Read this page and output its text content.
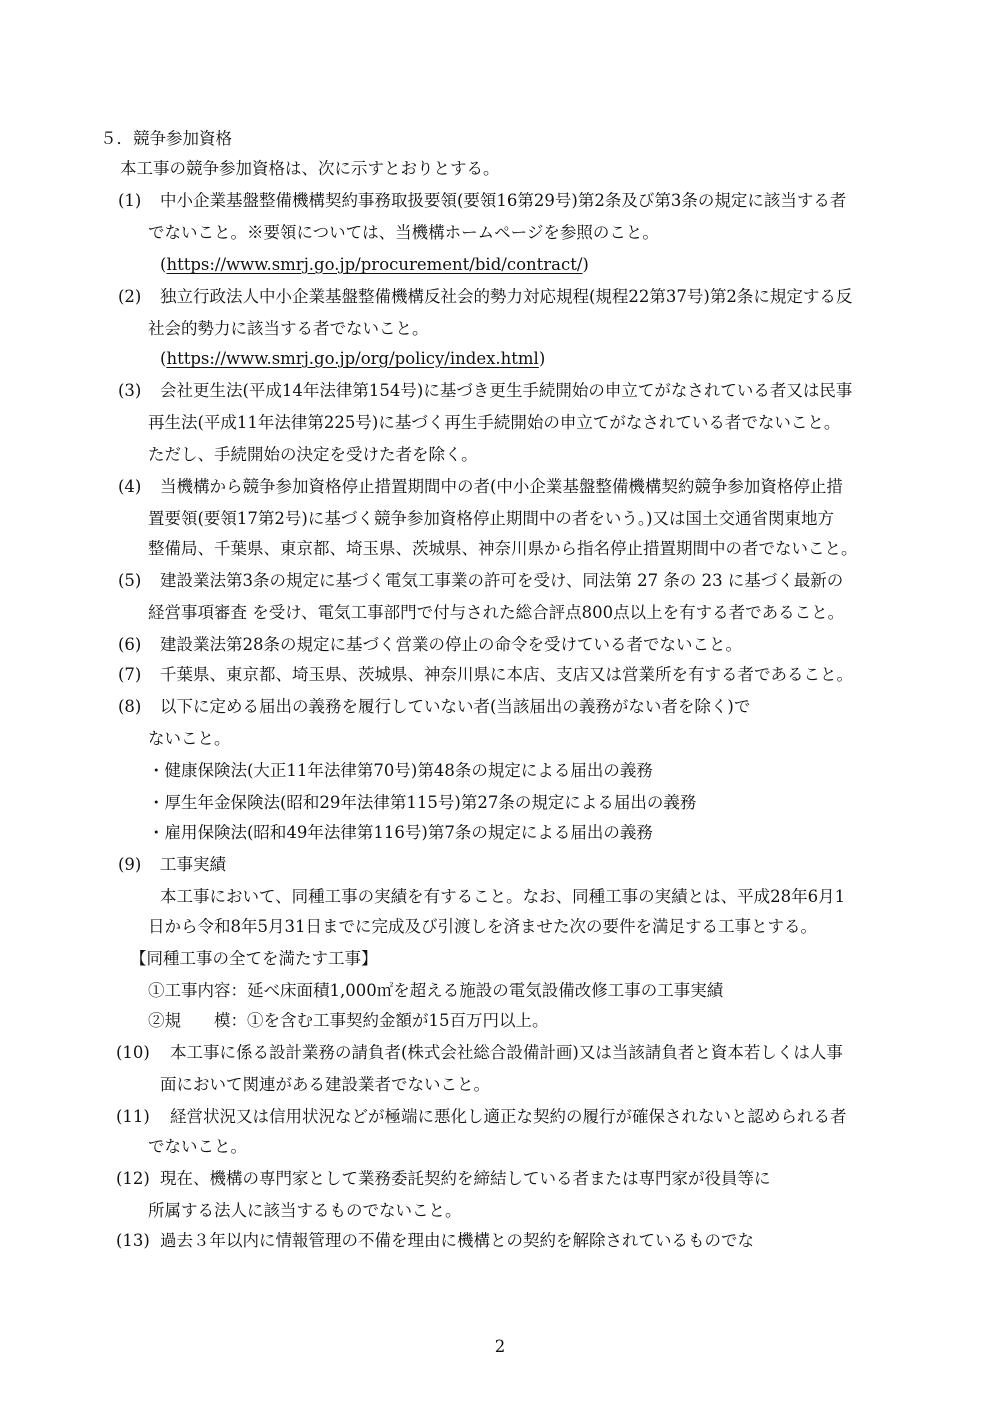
５．競争参加資格
本工事の競争参加資格は、次に示すとおりとする。
(1) 中小企業基盤整備機構契約事務取扱要領(要領16第29号)第2条及び第3条の規定に該当する者
でないこと。※要領については、当機構ホームページを参照のこと。
(https://www.smrj.go.jp/procurement/bid/contract/)
(2) 独立行政法人中小企業基盤整備機構反社会的勢力対応規程(規程22第37号)第2条に規定する反
社会的勢力に該当する者でないこと。
(https://www.smrj.go.jp/org/policy/index.html)
(3) 会社更生法(平成14年法律第154号)に基づき更生手続開始の申立てがなされている者又は民事
再生法(平成11年法律第225号)に基づく再生手続開始の申立てがなされている者でないこと。
ただし、手続開始の決定を受けた者を除く。
(4) 当機構から競争参加資格停止措置期間中の者(中小企業基盤整備機構契約競争参加資格停止措
置要領(要領17第2号)に基づく競争参加資格停止期間中の者をいう。)又は国土交通省関東地方
整備局、千葉県、東京都、埼玉県、茨城県、神奈川県から指名停止措置期間中の者でないこと。
(5) 建設業法第3条の規定に基づく電気工事業の許可を受け、同法第 27 条の 23 に基づく最新の
経営事項審査 を受け、電気工事部門で付与された総合評点800点以上を有する者であること。
(6) 建設業法第28条の規定に基づく営業の停止の命令を受けている者でないこと。
(7) 千葉県、東京都、埼玉県、茨城県、神奈川県に本店、支店又は営業所を有する者であること。
(8) 以下に定める届出の義務を履行していない者(当該届出の義務がない者を除く)で
ないこと。
・健康保険法(大正11年法律第70号)第48条の規定による届出の義務
・厚生年金保険法(昭和29年法律第115号)第27条の規定による届出の義務
・雇用保険法(昭和49年法律第116号)第7条の規定による届出の義務
(9) 工事実績
本工事において、同種工事の実績を有すること。なお、同種工事の実績とは、平成28年6月1
日から令和8年5月31日までに完成及び引渡しを済ませた次の要件を満足する工事とする。
【同種工事の全てを満たす工事】
①工事内容：延べ床面積1,000㎡を超える施設の電気設備改修工事の工事実績
②規　　模：①を含む工事契約金額が15百万円以上。
(10) 本工事に係る設計業務の請負者(株式会社総合設備計画)又は当該請負者と資本若しくは人事
面において関連がある建設業者でないこと。
(11) 経営状況又は信用状況などが極端に悪化し適正な契約の履行が確保されないと認められる者
でないこと。
(12) 現在、機構の専門家として業務委託契約を締結している者または専門家が役員等に
所属する法人に該当するものでないこと。
(13) 過去３年以内に情報管理の不備を理由に機構との契約を解除されているものでな
2
